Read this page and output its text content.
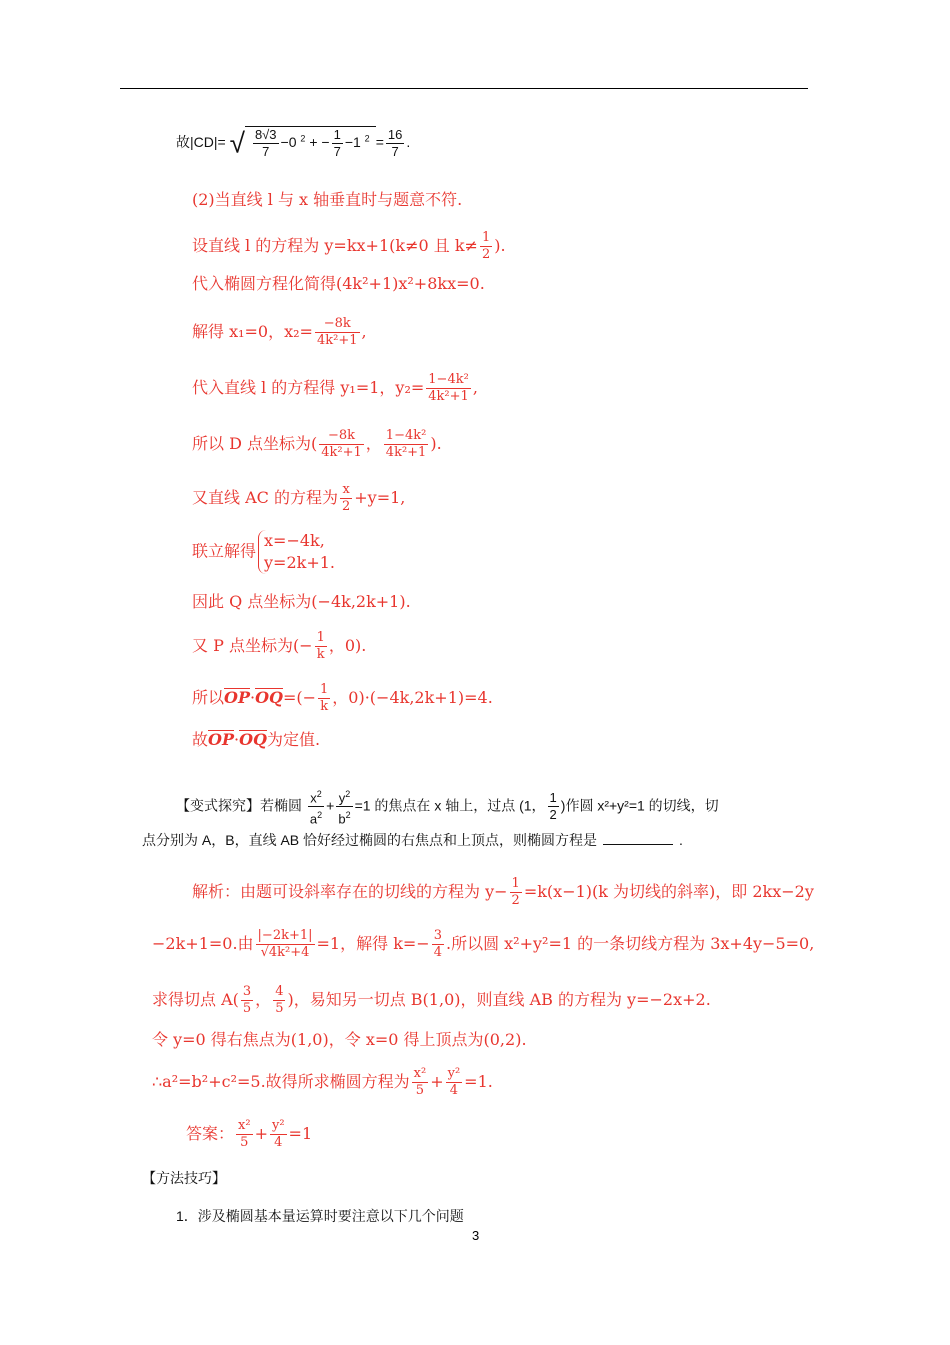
故|CD|= √ $\frac{8√3}{7} -0$ $^2$ + − $\frac{1}{7} -1$ $^2 = \frac{16}{7}$ .
(2)当直线 l 与 x 轴垂直时与题意不符.
设直线 l 的方程为 y=kx+1(k≠0 且 $k\ne \frac{1}{2}$ ).
代入椭圆方程化简得(4k²+1)x²+8kx=0.
解得 x₁=0，$x_2= \frac{-8k}{\text{4k²+1}}$ ,
代入直线 l 的方程得 y₁=1，$y_2= \frac{\text{1−4k²}}{\text{4k²+1}}$ ,
所以 D 点坐标为( $\frac{-8k}{\text{4k²+1}}$ ， $\frac{\text{1−4k²}}{\text{4k²+1}}$ ).
又直线 AC 的方程为 $\frac{x}{2} +y=1$,
联立解得
x=−4k,
y=2k+1.
因此 Q 点坐标为(−4k,2k+1).
又 P 点坐标为(− $\frac{1}{k}$ ，0).
所以$OP\cdot OQ=(- \frac{1}{k}$ ，0)·(−4k,2k+1)=4.
故OP·OQ为定值.
【变式探究】若椭圆 $\frac{x^2}{a^2} + \frac{y^2}{b^2} =1$ 的焦点在 x 轴上，过点 (1， $\frac{1}{2}$ )作圆 x²+y²=1 的切线，切
点分别为 A，B，直线 AB 恰好经过椭圆的右焦点和上顶点，则椭圆方程是	.
解析：由题可设斜率存在的切线的方程为 $y- \frac{1}{2} =k(x-1)(k$ 为切线的斜率)，即 2kx−2y
−2k+1=0.由 $\frac{|-2k+1|}{\text{√4k²+4}} =1$，解得 $k=- \frac{3}{4}$ .所以圆 x²+y²=1 的一条切线方程为 3x+4y−5=0,
求得切点 $A( \frac{3}{5}$ ， $\frac{4}{5}$ )，易知另一切点 B(1,0)，则直线 AB 的方程为 y=−2x+2.
令 y=0 得右焦点为(1,0)，令 x=0 得上顶点为(0,2).
∴a²=b²+c²=5.故得所求椭圆方程为 $\frac{\text{x²}}{5} + \frac{\text{y²}}{4} =1$.
答案： $\frac{\text{x²}}{5} + \frac{\text{y²}}{4} =1$
【方法技巧】
1．涉及椭圆基本量运算时要注意以下几个问题
3
